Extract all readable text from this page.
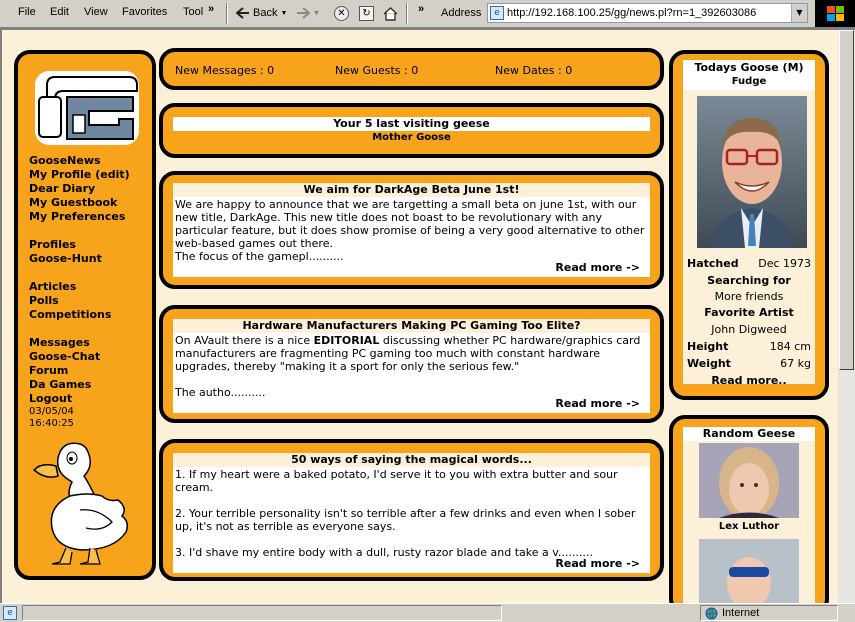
File Edit View Favorites Tool »	Back ▼	▼	✕	↻	» Address	e http://192.168.100.25/gg/news.pl?rn=1_392603086	▼
GooseNews
My Profile (edit)
Dear Diary
My Guestbook
My Preferences
Profiles
Goose-Hunt
Articles
Polls
Competitions
Messages
Goose-Chat
Forum
Da Games
Logout
03/05/04
16:40:25
New Messages : 0	New Guests : 0	New Dates : 0
Your 5 last visiting geese
Mother Goose
We aim for DarkAge Beta June 1st!
We are happy to announce that we are targetting a small beta on june 1st, with our new title, DarkAge. This new title does not boast to be revolutionary with any particular feature, but it does show promise of being a very good alternative to other web-based games out there.
The focus of the gamepl..........
Read more ->
Hardware Manufacturers Making PC Gaming Too Elite?
On AVault there is a nice EDITORIAL discussing whether PC hardware/graphics card manufacturers are fragmenting PC gaming too much with constant hardware upgrades, thereby "making it a sport for only the serious few."

The autho..........
Read more ->
50 ways of saying the magical words...
1. If my heart were a baked potato, I'd serve it to you with extra butter and sour cream.

2. Your terrible personality isn't so terrible after a few drinks and even when I sober up, it's not as terrible as everyone says.

3. I'd shave my entire body with a dull, rusty razor blade and take a v..........
Read more ->
Todays Goose (M)
Fudge
Hatched Dec 1973
Searching for
More friends
Favorite Artist
John Digweed
Height	184 cm
Weight	67 kg
Read more..
Random Geese
Lex Luthor
e	Internet
